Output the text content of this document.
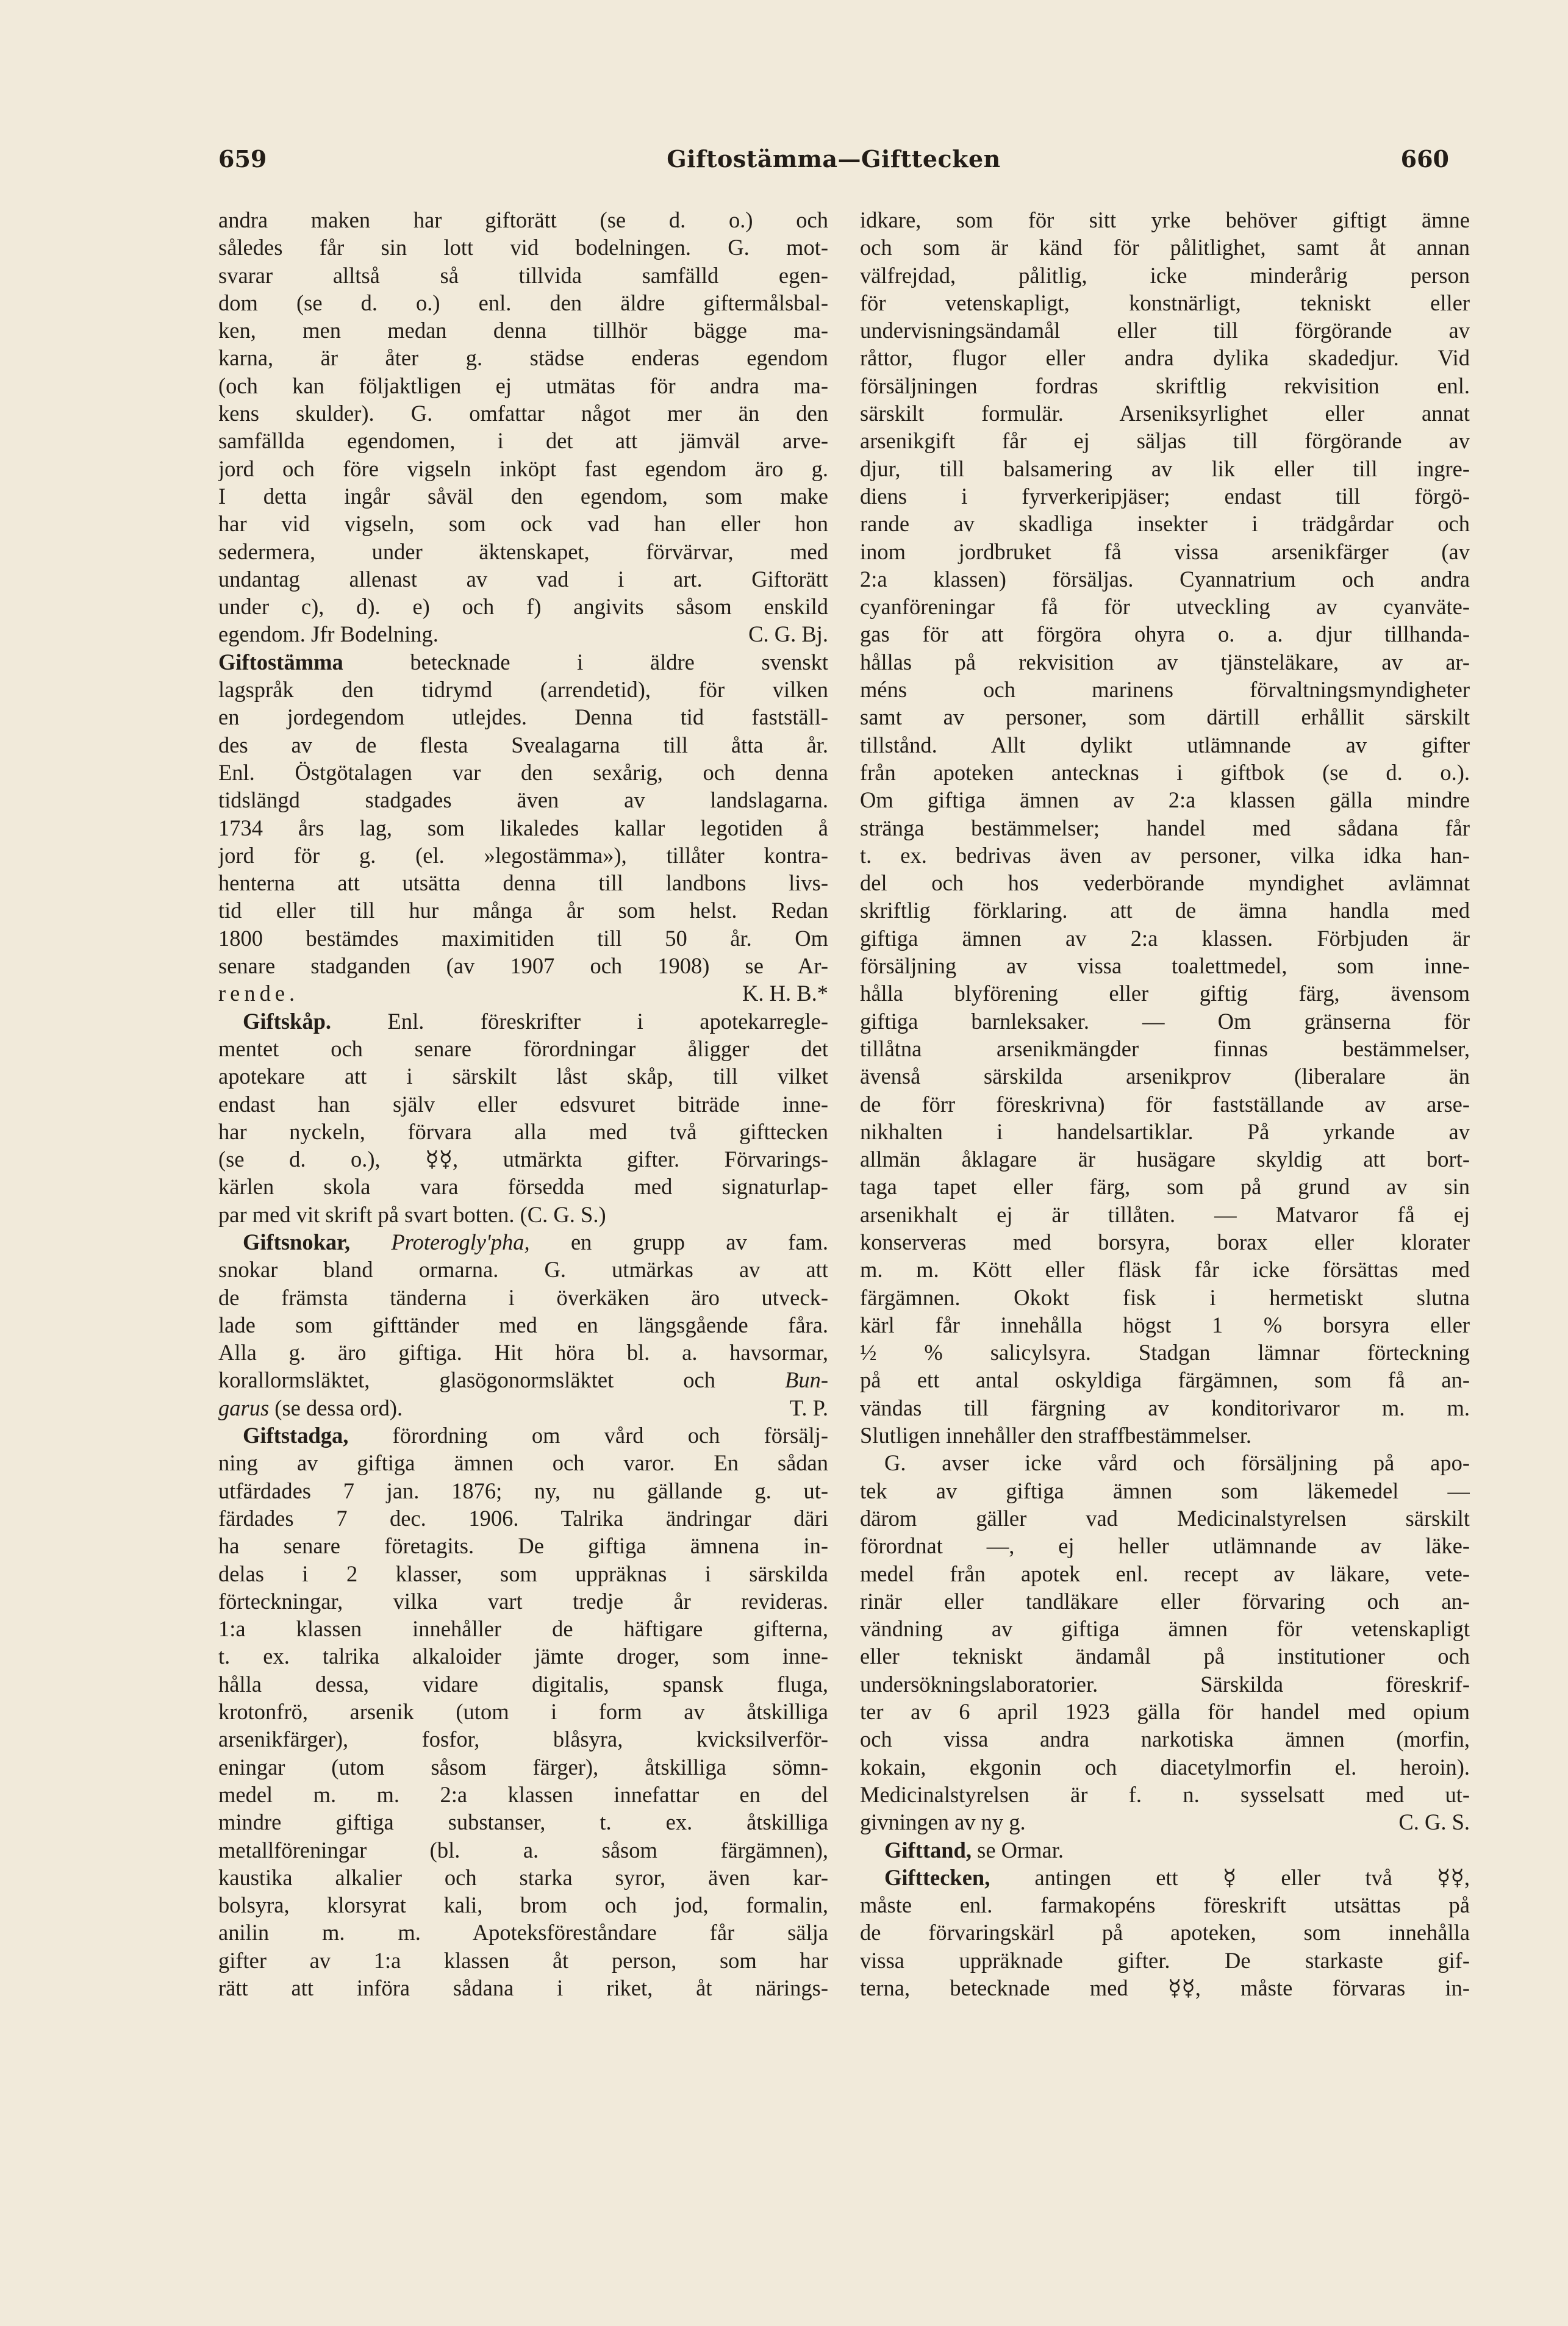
659	Giftostämma—Gifttecken	660
andra maken har giftorätt (se d. o.) och
således får sin lott vid bodelningen. G. mot-
svarar alltså så tillvida samfälld egen-
dom (se d. o.) enl. den äldre giftermålsbal-
ken, men medan denna tillhör bägge ma-
karna, är åter g. städse enderas egendom
(och kan följaktligen ej utmätas för andra ma-
kens skulder). G. omfattar något mer än den
samfällda egendomen, i det att jämväl arve-
jord och före vigseln inköpt fast egendom äro g.
I detta ingår såväl den egendom, som make
har vid vigseln, som ock vad han eller hon
sedermera, under äktenskapet, förvärvar, med
undantag allenast av vad i art. Giftorätt
under c), d). e) och f) angivits såsom enskild
egendom. Jfr Bodelning.	C. G. Bj.
Giftostämma betecknade i äldre svenskt
lagspråk den tidrymd (arrendetid), för vilken
en jordegendom utlejdes. Denna tid fastställ-
des av de flesta Svealagarna till åtta år.
Enl. Östgötalagen var den sexårig, och denna
tidslängd stadgades även av landslagarna.
1734 års lag, som likaledes kallar legotiden å
jord för g. (el. »legostämma»), tillåter kontra-
henterna att utsätta denna till landbons livs-
tid eller till hur många år som helst. Redan
1800 bestämdes maximitiden till 50 år. Om
senare stadganden (av 1907 och 1908) se Ar-
rende.	K. H. B.*
Giftskåp. Enl. föreskrifter i apotekarregle-
mentet och senare förordningar åligger det
apotekare att i särskilt låst skåp, till vilket
endast han själv eller edsvuret biträde inne-
har nyckeln, förvara alla med två gifttecken
(se d. o.), ☿☿, utmärkta gifter. Förvarings-
kärlen skola vara försedda med signaturlap-
par med vit skrift på svart botten. (C. G. S.)
Giftsnokar, Proteroglyʹpha, en grupp av fam.
snokar bland ormarna. G. utmärkas av att
de främsta tänderna i överkäken äro utveck-
lade som gifttänder med en längsgående fåra.
Alla g. äro giftiga. Hit höra bl. a. havsormar,
korallormsläktet, glasögonormsläktet och Bun-
garus (se dessa ord).	T. P.
Giftstadga, förordning om vård och försälj-
ning av giftiga ämnen och varor. En sådan
utfärdades 7 jan. 1876; ny, nu gällande g. ut-
färdades 7 dec. 1906. Talrika ändringar däri
ha senare företagits. De giftiga ämnena in-
delas i 2 klasser, som uppräknas i särskilda
förteckningar, vilka vart tredje år revideras.
1:a klassen innehåller de häftigare gifterna,
t. ex. talrika alkaloider jämte droger, som inne-
hålla dessa, vidare digitalis, spansk fluga,
krotonfrö, arsenik (utom i form av åtskilliga
arsenikfärger), fosfor, blåsyra, kvicksilverför-
eningar (utom såsom färger), åtskilliga sömn-
medel m. m. 2:a klassen innefattar en del
mindre giftiga substanser, t. ex. åtskilliga
metallföreningar (bl. a. såsom färgämnen),
kaustika alkalier och starka syror, även kar-
bolsyra, klorsyrat kali, brom och jod, formalin,
anilin m. m. Apoteksföreståndare får sälja
gifter av 1:a klassen åt person, som har
rätt att införa sådana i riket, åt närings-
idkare, som för sitt yrke behöver giftigt ämne
och som är känd för pålitlighet, samt åt annan
välfrejdad, pålitlig, icke minderårig person
för vetenskapligt, konstnärligt, tekniskt eller
undervisningsändamål eller till förgörande av
råttor, flugor eller andra dylika skadedjur. Vid
försäljningen fordras skriftlig rekvisition enl.
särskilt formulär. Arseniksyrlighet eller annat
arsenikgift får ej säljas till förgörande av
djur, till balsamering av lik eller till ingre-
diens i fyrverkeripjäser; endast till förgö-
rande av skadliga insekter i trädgårdar och
inom jordbruket få vissa arsenikfärger (av
2:a klassen) försäljas. Cyannatrium och andra
cyanföreningar få för utveckling av cyanväte-
gas för att förgöra ohyra o. a. djur tillhanda-
hållas på rekvisition av tjänsteläkare, av ar-
méns och marinens förvaltningsmyndigheter
samt av personer, som därtill erhållit särskilt
tillstånd. Allt dylikt utlämnande av gifter
från apoteken antecknas i giftbok (se d. o.).
Om giftiga ämnen av 2:a klassen gälla mindre
stränga bestämmelser; handel med sådana får
t. ex. bedrivas även av personer, vilka idka han-
del och hos vederbörande myndighet avlämnat
skriftlig förklaring. att de ämna handla med
giftiga ämnen av 2:a klassen. Förbjuden är
försäljning av vissa toalettmedel, som inne-
hålla blyförening eller giftig färg, ävensom
giftiga barnleksaker. — Om gränserna för
tillåtna arsenikmängder finnas bestämmelser,
ävenså särskilda arsenikprov (liberalare än
de förr föreskrivna) för fastställande av arse-
nikhalten i handelsartiklar. På yrkande av
allmän åklagare är husägare skyldig att bort-
taga tapet eller färg, som på grund av sin
arsenikhalt ej är tillåten. — Matvaror få ej
konserveras med borsyra, borax eller klorater
m. m. Kött eller fläsk får icke försättas med
färgämnen. Okokt fisk i hermetiskt slutna
kärl får innehålla högst 1 % borsyra eller
½ % salicylsyra. Stadgan lämnar förteckning
på ett antal oskyldiga färgämnen, som få an-
vändas till färgning av konditorivaror m. m.
Slutligen innehåller den straffbestämmelser.
G. avser icke vård och försäljning på apo-
tek av giftiga ämnen som läkemedel —
därom gäller vad Medicinalstyrelsen särskilt
förordnat —, ej heller utlämnande av läke-
medel från apotek enl. recept av läkare, vete-
rinär eller tandläkare eller förvaring och an-
vändning av giftiga ämnen för vetenskapligt
eller tekniskt ändamål på institutioner och
undersökningslaboratorier. Särskilda föreskrif-
ter av 6 april 1923 gälla för handel med opium
och vissa andra narkotiska ämnen (morfin,
kokain, ekgonin och diacetylmorfin el. heroin).
Medicinalstyrelsen är f. n. sysselsatt med ut-
givningen av ny g.	C. G. S.
Gifttand, se Ormar.
Gifttecken, antingen ett ☿ eller två ☿☿,
måste enl. farmakopéns föreskrift utsättas på
de förvaringskärl på apoteken, som innehålla
vissa uppräknade gifter. De starkaste gif-
terna, betecknade med ☿☿, måste förvaras in-
